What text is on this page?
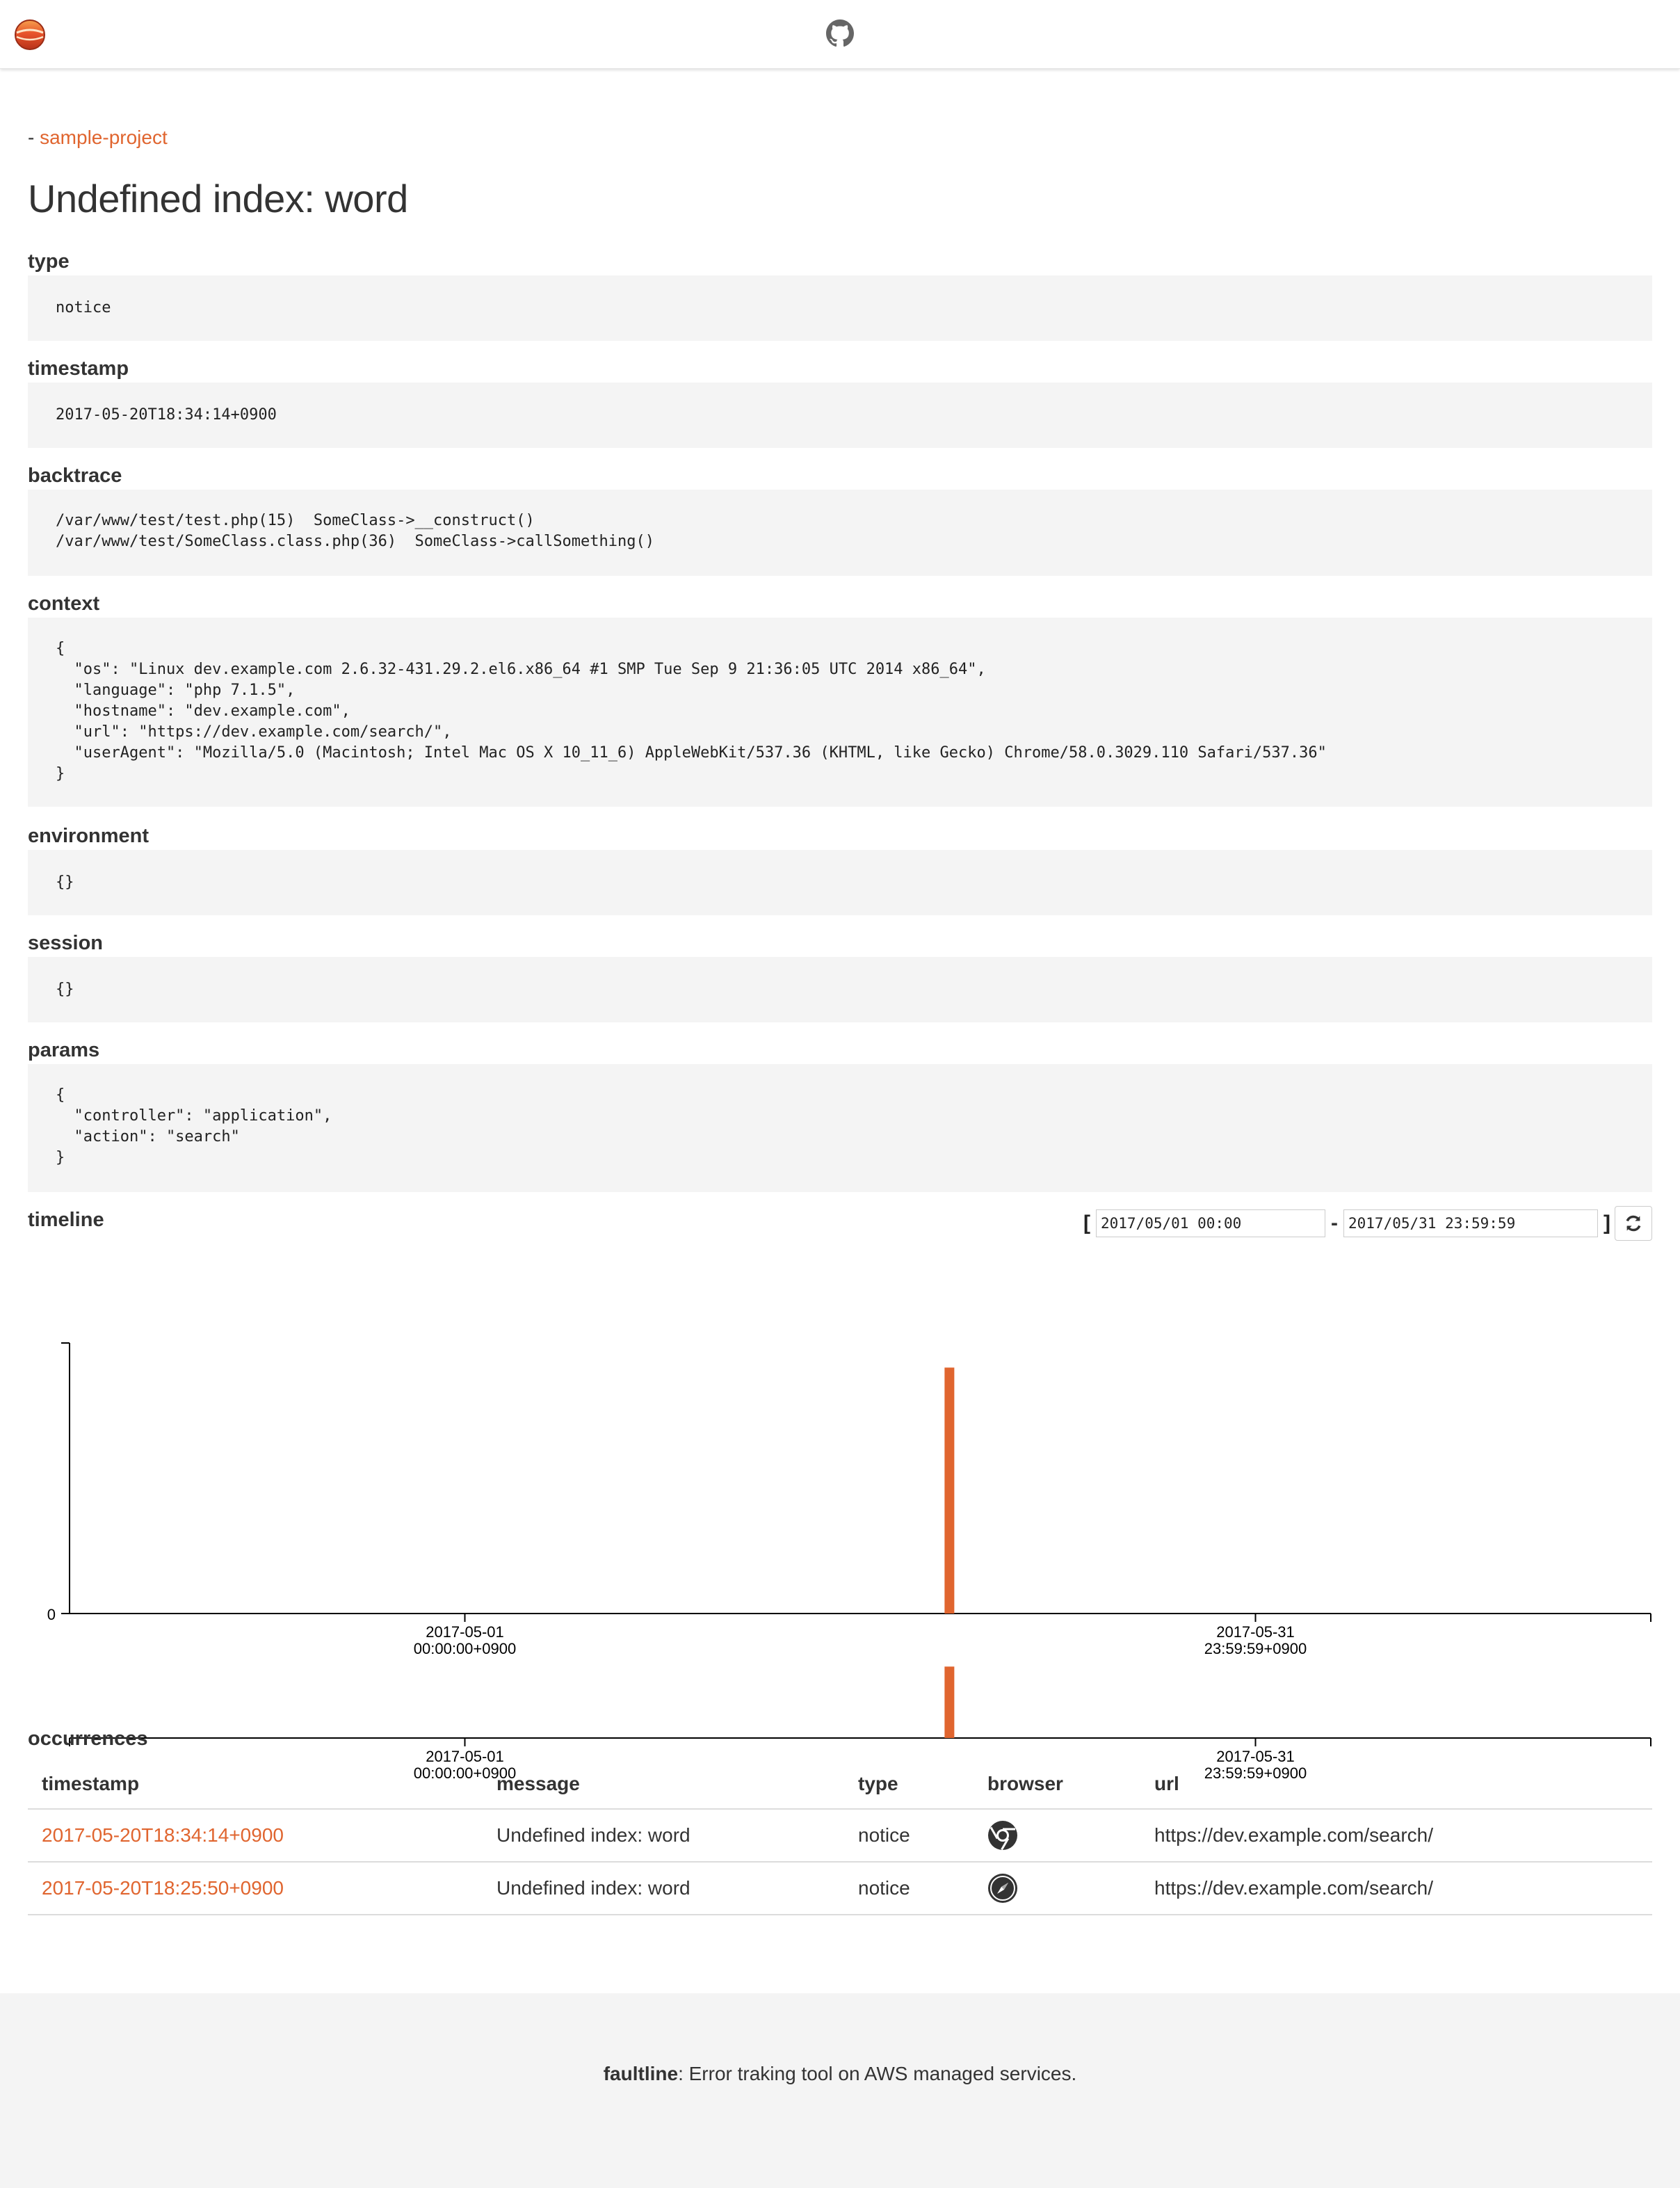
- sample-project
Undefined index: word
type
notice
timestamp
2017-05-20T18:34:14+0900
backtrace
/var/www/test/test.php(15)  SomeClass->__construct()
/var/www/test/SomeClass.class.php(36)  SomeClass->callSomething()
context
{
"os": "Linux dev.example.com 2.6.32-431.29.2.el6.x86_64 #1 SMP Tue Sep 9 21:36:05 UTC 2014 x86_64",
"language": "php 7.1.5",
"hostname": "dev.example.com",
"url": "https://dev.example.com/search/",
"userAgent": "Mozilla/5.0 (Macintosh; Intel Mac OS X 10_11_6) AppleWebKit/537.36 (KHTML, like Gecko) Chrome/58.0.3029.110 Safari/537.36"
}
environment
{}
session
{}
params
{
"controller": "application",
"action": "search"
}
timeline	[
2017/05/01 00:00	-
2017/05/31 23:59:59	]
0
2017-05-01
00:00:00+0900
2017-05-31
23:59:59+0900
2017-05-01
00:00:00+0900
2017-05-31
23:59:59+0900
occurrences
timestamp	message	type	browser	url
2017-05-20T18:34:14+0900	Undefined index: word	notice		https://dev.example.com/search/
2017-05-20T18:25:50+0900	Undefined index: word	notice		https://dev.example.com/search/
faultline: Error traking tool on AWS managed services.
